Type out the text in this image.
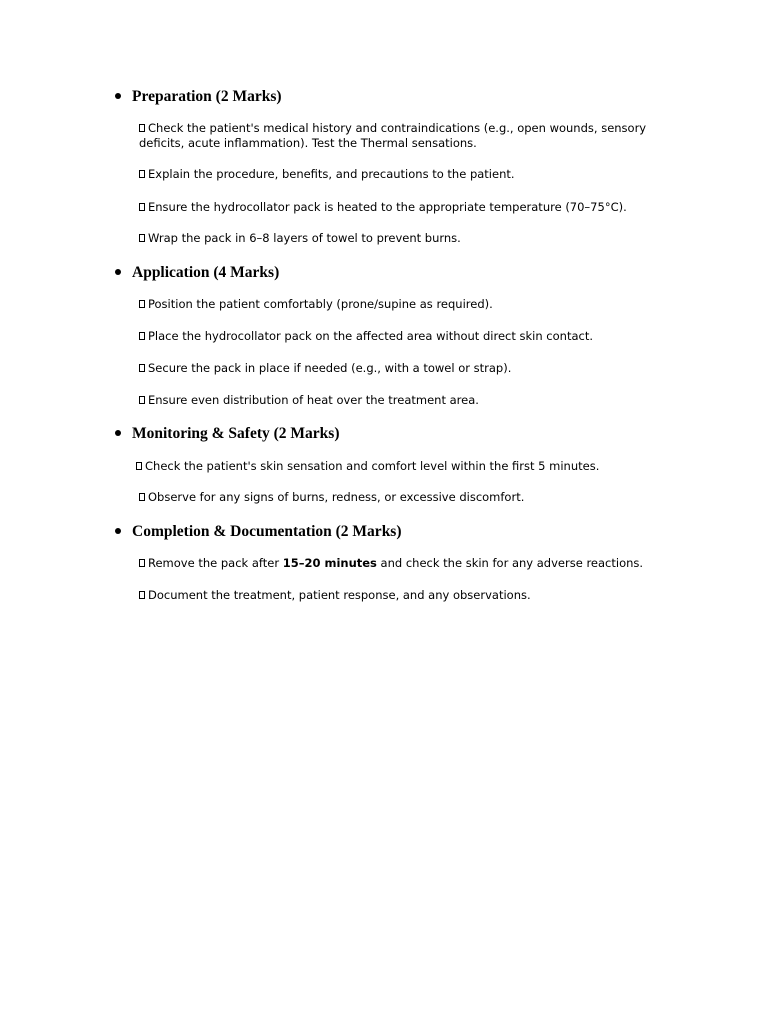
Preparation (2 Marks)
Check the patient's medical history and contraindications (e.g., open wounds, sensory deficits, acute inflammation). Test the Thermal sensations.
Explain the procedure, benefits, and precautions to the patient.
Ensure the hydrocollator pack is heated to the appropriate temperature (70–75°C).
Wrap the pack in 6–8 layers of towel to prevent burns.
Application (4 Marks)
Position the patient comfortably (prone/supine as required).
Place the hydrocollator pack on the affected area without direct skin contact.
Secure the pack in place if needed (e.g., with a towel or strap).
Ensure even distribution of heat over the treatment area.
Monitoring & Safety (2 Marks)
Check the patient's skin sensation and comfort level within the first 5 minutes.
Observe for any signs of burns, redness, or excessive discomfort.
Completion & Documentation (2 Marks)
Remove the pack after 15–20 minutes and check the skin for any adverse reactions.
Document the treatment, patient response, and any observations.
